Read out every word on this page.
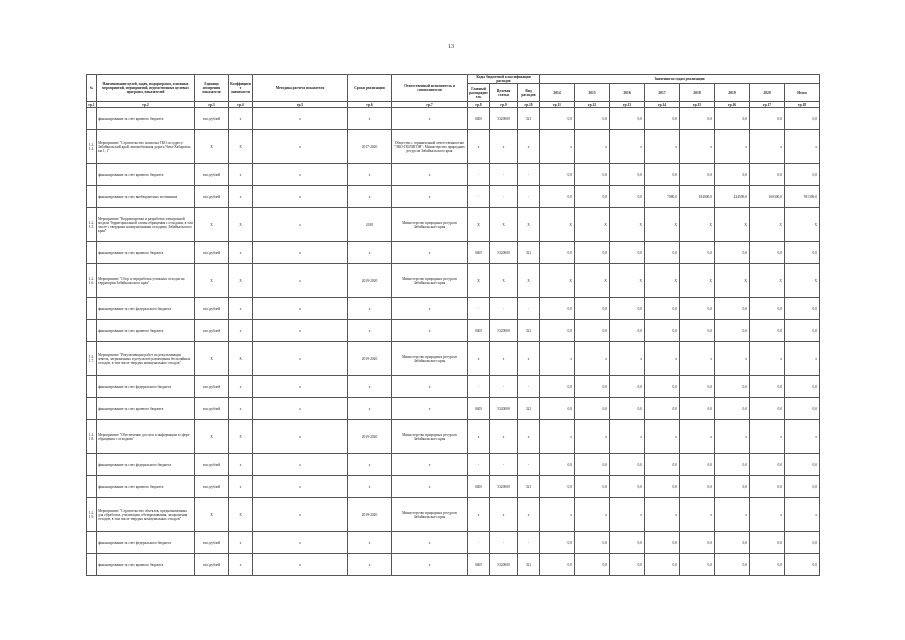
13
№	Наименование целей, задач, подпрограмм, основных мероприятий, мероприятий, ведомственных целевых программ, показателей	Единица измерения показателя	Коэффициент значимости	Методика расчета показателя	Сроки реализации	Ответственный исполнитель и соисполнители	Коды бюджетной классификации расходов			Значения по годам реализации							
							Главный распорядитель	Целевая статья	Вид расходов	2014	2015	2016	2017	2018	2019	2020	Итого
гр.1	гр.2	гр.3	гр.4	гр.5	гр.6	гр.7	гр.8	гр.9	гр.10	гр.11	гр.12	гр.13	гр.14	гр.15	гр.16	гр.17	гр.18
	финансирование за счет краевого бюджета	тыс.рублей	х	х	х	х	0405	5320000	321	0,0	0,0	0,0	0,0	0,0	0,0	0,0	0,0
1.2.1.4.	Мероприятие "Строительство полигона ТКО по адресу: Забайкальский край, автомобильная дорога Чита-Хабаровск, км 1, 1"	Х	Х	х	2017-2020	Общество с ограниченной ответственностью "ЭКО-ПОЛИГОН"; Министерство природных ресурсов Забайкальского края	х	х	х	х	х	х	х	х	х	х	х
	финансирование за счет краевого бюджета	тыс.рублей	х	х	х	х	-	-	-	0,0	0,0	0,0	0,0	0,0	0,0	0,0	0,0
	финансирование за счет внебюджетных источников	тыс.рублей	х	х	х	х	-	-	-	0,0	0,0	0,0	7080,0	184000,0	434509,0	160300,0	591309,0
1.2.1.5.	Мероприятие "Корректировка и разработка электронной модели Территориальной схемы обращения с отходами, в том числе с твердыми коммунальными отходами, Забайкальского края"	Х	Х	х	2018	Министерство природных ресурсов Забайкальского края	Х	Х	Х	Х	Х	Х	Х	Х	Х	Х	Х
	финансирование за счет краевого бюджета	тыс.рублей	х	х	х	х	0405	5320000	321	0,0	0,0	0,0	0,0	0,0	0,0	0,0	0,0
1.2.1.6.	Мероприятие "Сбор и переработка утильных отходов на территории Забайкальского края"	Х	Х	х	2019-2020	Министерство природных ресурсов Забайкальского края	Х	Х	Х	Х	Х	Х	Х	Х	Х	Х	Х
	финансирование за счет федерального бюджета	тыс.рублей	х	х	х	х	-	-	-	0,0	0,0	0,0	0,0	0,0	0,0	0,0	0,0
	финансирование за счет краевого бюджета	тыс.рублей	х	х	х	х	0405	5320000	321	0,0	0,0	0,0	0,0	0,0	0,0	0,0	0,0
1.2.1.7.	Мероприятие "Рекультивация работ по рекультивации земель, загрязненных в результате размещения бесхозяйных отходов, в том числе твердых коммунальных отходов"	Х	Х	х	2019-2020	Министерство природных ресурсов Забайкальского края	х	х	х	х	х	х	х	х	х	х	х
	финансирование за счет федерального бюджета	тыс.рублей	х	х	х	х	-	-	-	0,0	0,0	0,0	0,0	0,0	0,0	0,0	0,0
	финансирование за счет краевого бюджета	тыс.рублей	х	х	х	х	0405	5320000	321	0,0	0,0	0,0	0,0	0,0	0,0	0,0	0,0
1.2.1.8.	Мероприятие "Обеспечение доступа к информации в сфере обращения с отходами"	Х	Х	х	2019-2020	Министерство природных ресурсов Забайкальского края	х	х	х	х	х	х	х	х	х	х	х
	финансирование за счет федерального бюджета	тыс.рублей	х	х	х	х	-	-	-	0,0	0,0	0,0	0,0	0,0	0,0	0,0	0,0
	финансирование за счет краевого бюджета	тыс.рублей	х	х	х	х	0405	5320000	321	0,0	0,0	0,0	0,0	0,0	0,0	0,0	0,0
1.2.1.9.	Мероприятие "Строительство объектов, предназначенных для обработки, утилизации, обезвреживания, захоронения отходов, в том числе твердых коммунальных отходов"	Х	Х	х	2019-2020	Министерство природных ресурсов Забайкальского края	х	х	х	х	х	х	х	х	х	х	х
	финансирование за счет федерального бюджета	тыс.рублей	х	х	х	х	-	-	-	0,0	0,0	0,0	0,0	0,0	0,0	0,0	0,0
	финансирование за счет краевого бюджета	тыс.рублей	х	х	х	х	0405	5320000	321	0,0	0,0	0,0	0,0	0,0	0,0	0,0	0,0
